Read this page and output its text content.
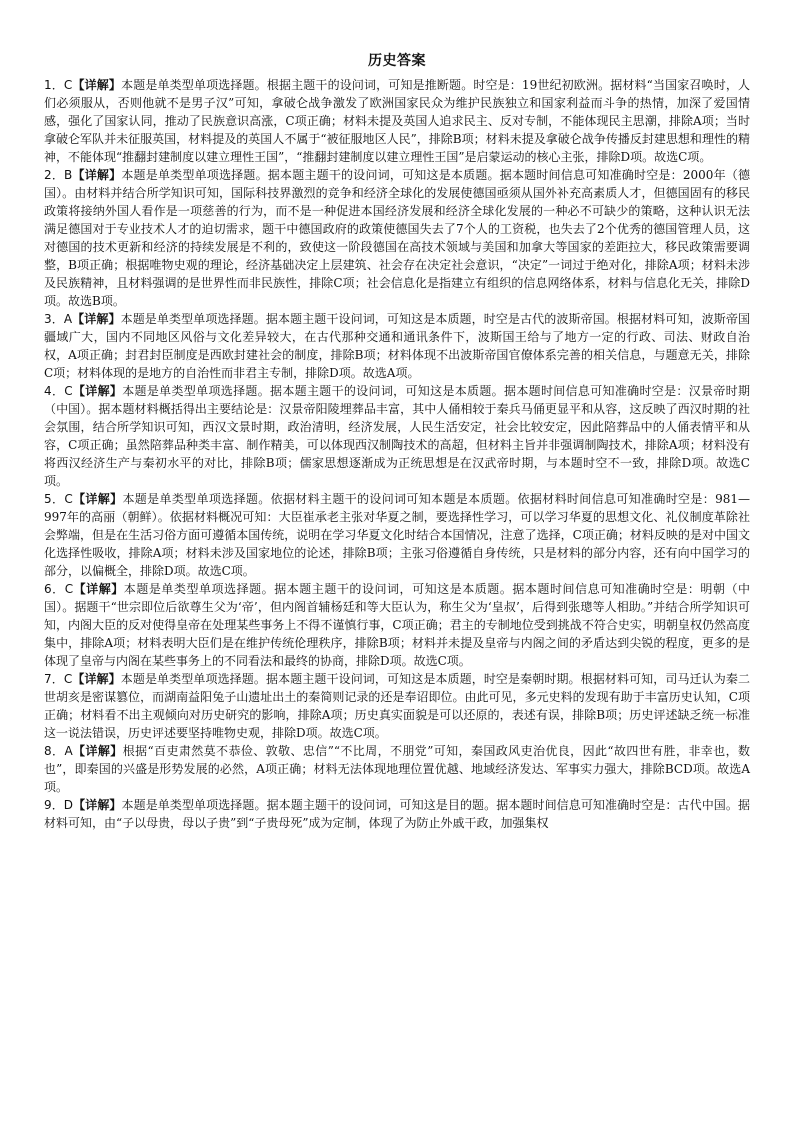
历史答案

1．C【详解】本题是单类型单项选择题。根据主题干的设问词，可知是推断题。时空是：19世纪初欧洲。据材料“当国家召唤时，人们必须服从，否则他就不是男子汉”可知，拿破仑战争激发了欧洲国家民众为维护民族独立和国家利益而斗争的热情，加深了爱国情感，强化了国家认同，推动了民族意识高涨，C项正确；材料未提及英国人追求民主、反对专制，不能体现民主思潮，排除A项；当时拿破仑军队并未征服英国，材料提及的英国人不属于“被征服地区人民”，排除B项；材料未提及拿破仑战争传播反封建思想和理性的精神，不能体现“推翻封建制度以建立理性王国”，“推翻封建制度以建立理性王国”是启蒙运动的核心主张，排除D项。故选C项。

2．B【详解】本题是单类型单项选择题。据本题主题干的设问词，可知这是本质题。据本题时间信息可知准确时空是：2000年（德国）。由材料并结合所学知识可知，国际科技界激烈的竞争和经济全球化的发展使德国亟须从国外补充高素质人才，但德国固有的移民政策将接纳外国人看作是一项慈善的行为，而不是一种促进本国经济发展和经济全球化发展的一种必不可缺少的策略，这种认识无法满足德国对于专业技术人才的迫切需求，题干中德国政府的政策使德国失去了7个人的工资税，也失去了2个优秀的德国管理人员，这对德国的技术更新和经济的持续发展是不利的，致使这一阶段德国在高技术领域与美国和加拿大等国家的差距拉大，移民政策需要调整，B项正确；根据唯物史观的理论，经济基础决定上层建筑、社会存在决定社会意识，“决定”一词过于绝对化，排除A项；材料未涉及民族精神，且材料强调的是世界性而非民族性，排除C项；社会信息化是指建立有组织的信息网络体系，材料与信息化无关，排除D项。故选B项。

3．A【详解】本题是单类型单项选择题。据本题主题干设问词，可知这是本质题，时空是古代的波斯帝国。根据材料可知，波斯帝国疆域广大，国内不同地区风俗与文化差异较大，在古代那种交通和通讯条件下，波斯国王给与了地方一定的行政、司法、财政自治权，A项正确；封君封臣制度是西欧封建社会的制度，排除B项；材料体现不出波斯帝国官僚体系完善的相关信息，与题意无关，排除C项；材料体现的是地方的自治性而非君主专制，排除D项。故选A项。

4．C【详解】本题是单类型单项选择题。据本题主题干的设问词，可知这是本质题。据本题时间信息可知准确时空是：汉景帝时期（中国）。据本题材料概括得出主要结论是：汉景帝阳陵埋葬品丰富，其中人俑相较于秦兵马俑更显平和从容，这反映了西汉时期的社会氛围，结合所学知识可知，西汉文景时期，政治清明，经济发展，人民生活安定，社会比较安定，因此陪葬品中的人俑表情平和从容，C项正确；虽然陪葬品种类丰富、制作精美，可以体现西汉制陶技术的高超，但材料主旨并非强调制陶技术，排除A项；材料没有将西汉经济生产与秦初水平的对比，排除B项；儒家思想逐渐成为正统思想是在汉武帝时期，与本题时空不一致，排除D项。故选C项。

5．C【详解】本题是单类型单项选择题。依据材料主题干的设问词可知本题是本质题。依据材料时间信息可知准确时空是：981—997年的高丽（朝鲜）。依据材料概况可知：大臣崔承老主张对华夏之制，要选择性学习，可以学习华夏的思想文化、礼仪制度革除社会弊端，但是在生活习俗方面可遵循本国传统，说明在学习华夏文化时结合本国情况，注意了选择，C项正确；材料反映的是对中国文化选择性吸收，排除A项；材料未涉及国家地位的论述，排除B项；主张习俗遵循自身传统，只是材料的部分内容，还有向中国学习的部分，以偏概全，排除D项。故选C项。

6．C【详解】本题是单类型单项选择题。据本题主题干的设问词，可知这是本质题。据本题时间信息可知准确时空是：明朝（中国）。据题干“世宗即位后欲尊生父为‘帝’，但内阁首辅杨廷和等大臣认为，称生父为‘皇叔’，后得到张璁等人相助。”并结合所学知识可知，内阁大臣的反对使得皇帝在处理某些事务上不得不谨慎行事，C项正确；君主的专制地位受到挑战不符合史实，明朝皇权仍然高度集中，排除A项；材料表明大臣们是在维护传统伦理秩序，排除B项；材料并未提及皇帝与内阁之间的矛盾达到尖锐的程度，更多的是体现了皇帝与内阁在某些事务上的不同看法和最终的协商，排除D项。故选C项。

7．C【详解】本题是单类型单项选择题。据本题主题干设问词，可知这是本质题，时空是秦朝时期。根据材料可知，司马迁认为秦二世胡亥是密谋篡位，而湖南益阳兔子山遗址出土的秦简则记录的还是奉诏即位。由此可见，多元史料的发现有助于丰富历史认知，C项正确；材料看不出主观倾向对历史研究的影响，排除A项；历史真实面貌是可以还原的，表述有误，排除B项；历史评述缺乏统一标准这一说法错误，历史评述要坚持唯物史观，排除D项。故选C项。

8．A【详解】根据“百吏肃然莫不恭俭、敦敬、忠信”“不比周，不朋党”可知，秦国政风吏治优良，因此“故四世有胜，非幸也，数也”，即秦国的兴盛是形势发展的必然，A项正确；材料无法体现地理位置优越、地域经济发达、军事实力强大，排除BCD项。故选A项。

9．D【详解】本题是单类型单项选择题。据本题主题干的设问词，可知这是目的题。据本题时间信息可知准确时空是：古代中国。据材料可知，由“子以母贵，母以子贵”到“子贵母死”成为定制，体现了为防止外戚干政，加强集权
